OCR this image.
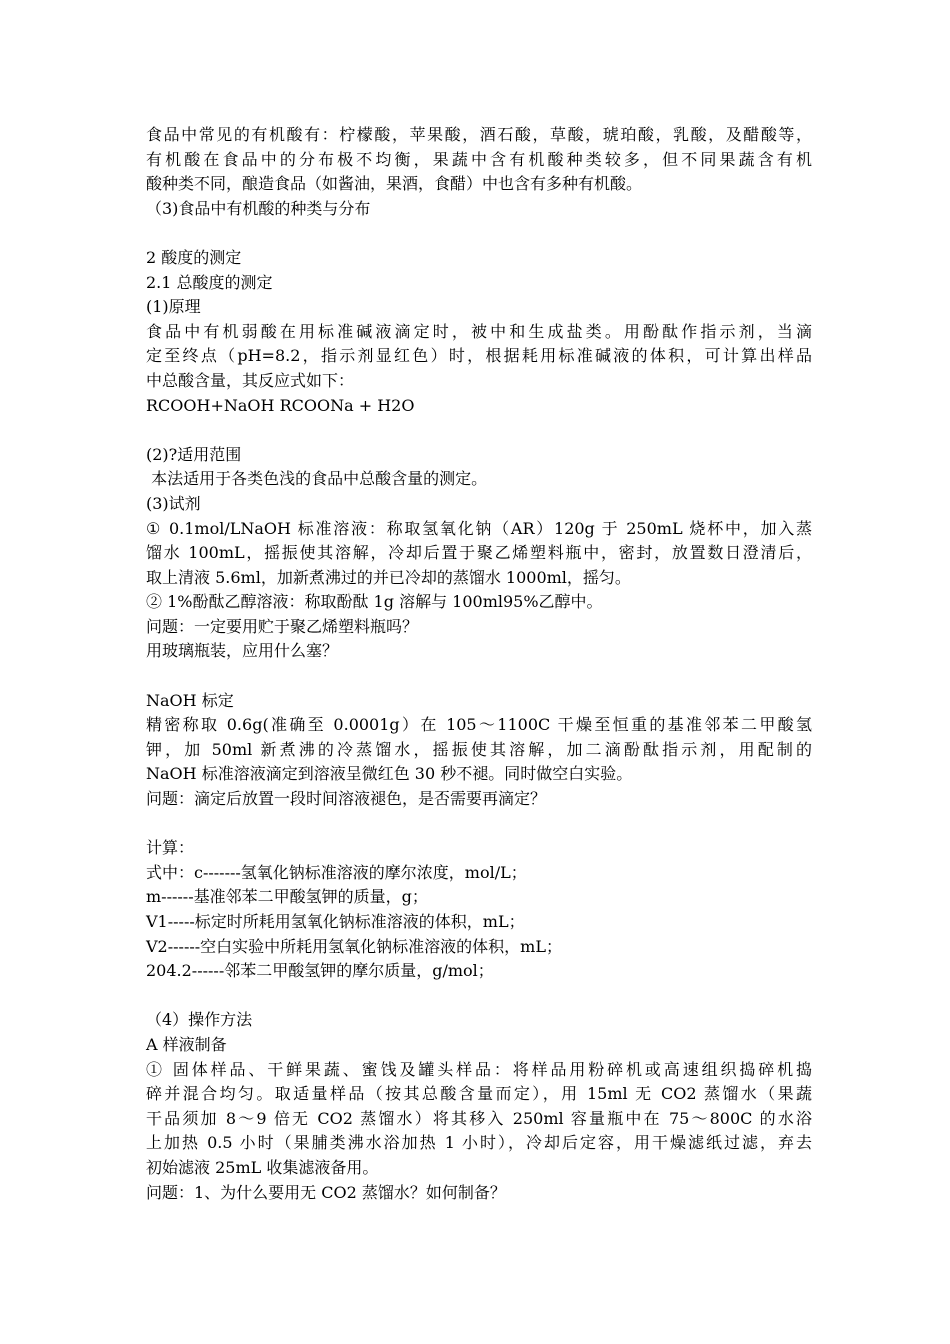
食品中常见的有机酸有：柠檬酸，苹果酸，酒石酸，草酸，琥珀酸，乳酸，及醋酸等，
有机酸在食品中的分布极不均衡，果蔬中含有机酸种类较多，但不同果蔬含有机
酸种类不同，酿造食品（如酱油，果酒，食醋）中也含有多种有机酸。
（3)食品中有机酸的种类与分布
2 酸度的测定
2.1 总酸度的测定
(1)原理
食品中有机弱酸在用标准碱液滴定时，被中和生成盐类。用酚酞作指示剂，当滴
定至终点（pH=8.2，指示剂显红色）时，根据耗用标准碱液的体积，可计算出样品
中总酸含量，其反应式如下：
RCOOH+NaOH RCOONa + H2O
(2)?适用范围
本法适用于各类色浅的食品中总酸含量的测定。
(3)试剂
① 0.1mol/LNaOH 标准溶液：称取氢氧化钠（AR）120g 于 250mL 烧杯中，加入蒸
馏水 100mL，摇振使其溶解，冷却后置于聚乙烯塑料瓶中，密封，放置数日澄清后，
取上清液 5.6ml，加新煮沸过的并已冷却的蒸馏水 1000ml，摇匀。
② 1%酚酞乙醇溶液：称取酚酞 1g 溶解与 100ml95%乙醇中。
问题：一定要用贮于聚乙烯塑料瓶吗？
用玻璃瓶装，应用什么塞？
NaOH 标定
精密称取 0.6g(准确至 0.0001g）在 105～1100C 干燥至恒重的基准邻苯二甲酸氢
钾，加 50ml 新煮沸的冷蒸馏水，摇振使其溶解，加二滴酚酞指示剂，用配制的
NaOH 标准溶液滴定到溶液呈微红色 30 秒不褪。同时做空白实验。
问题：滴定后放置一段时间溶液褪色，是否需要再滴定？
计算：
式中：c-------氢氧化钠标准溶液的摩尔浓度，mol/L；
m------基准邻苯二甲酸氢钾的质量，g；
V1-----标定时所耗用氢氧化钠标准溶液的体积，mL；
V2------空白实验中所耗用氢氧化钠标准溶液的体积，mL；
204.2------邻苯二甲酸氢钾的摩尔质量，g/mol；
（4）操作方法
A 样液制备
① 固体样品、干鲜果蔬、蜜饯及罐头样品：将样品用粉碎机或高速组织捣碎机捣
碎并混合均匀。取适量样品（按其总酸含量而定），用 15ml 无 CO2 蒸馏水（果蔬
干品须加 8～9 倍无 CO2 蒸馏水）将其移入 250ml 容量瓶中在 75～800C 的水浴
上加热 0.5 小时（果脯类沸水浴加热 1 小时），冷却后定容，用干燥滤纸过滤，弃去
初始滤液 25mL 收集滤液备用。
问题：1、为什么要用无 CO2 蒸馏水？如何制备？
